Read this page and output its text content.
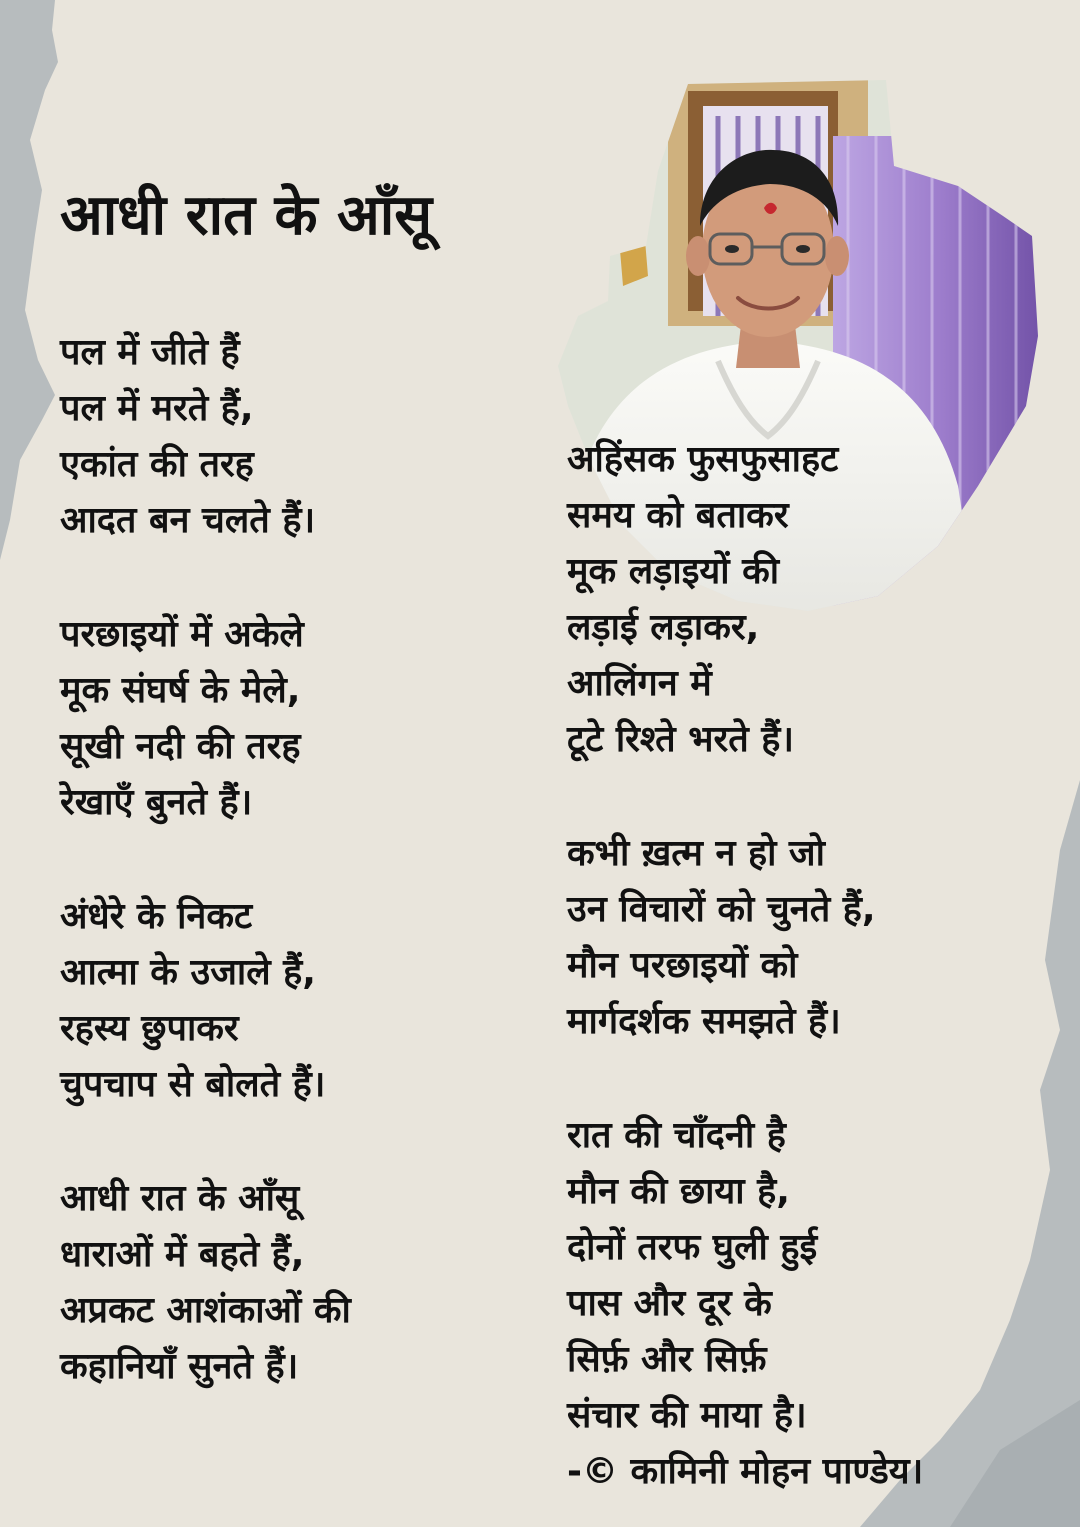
आधी रात के आँसू
पल में जीते हैं
पल में मरते हैं,
एकांत की तरह
आदत बन चलते हैं।
परछाइयों में अकेले
मूक संघर्ष के मेले,
सूखी नदी की तरह
रेखाएँ बुनते हैं।
अंधेरे के निकट
आत्मा के उजाले हैं,
रहस्य छुपाकर
चुपचाप से बोलते हैं।
आधी रात के आँसू
धाराओं में बहते हैं,
अप्रकट आशंकाओं की
कहानियाँ सुनते हैं।
अहिंसक फुसफुसाहट
समय को बताकर
मूक लड़ाइयों की
लड़ाई लड़ाकर,
आलिंगन में
टूटे रिश्ते भरते हैं।
कभी ख़त्म न हो जो
उन विचारों को चुनते हैं,
मौन परछाइयों को
मार्गदर्शक समझते हैं।
रात की चाँदनी है
मौन की छाया है,
दोनों तरफ घुली हुई
पास और दूर के
सिर्फ़ और सिर्फ़
संचार की माया है।
-© कामिनी मोहन पाण्डेय।
